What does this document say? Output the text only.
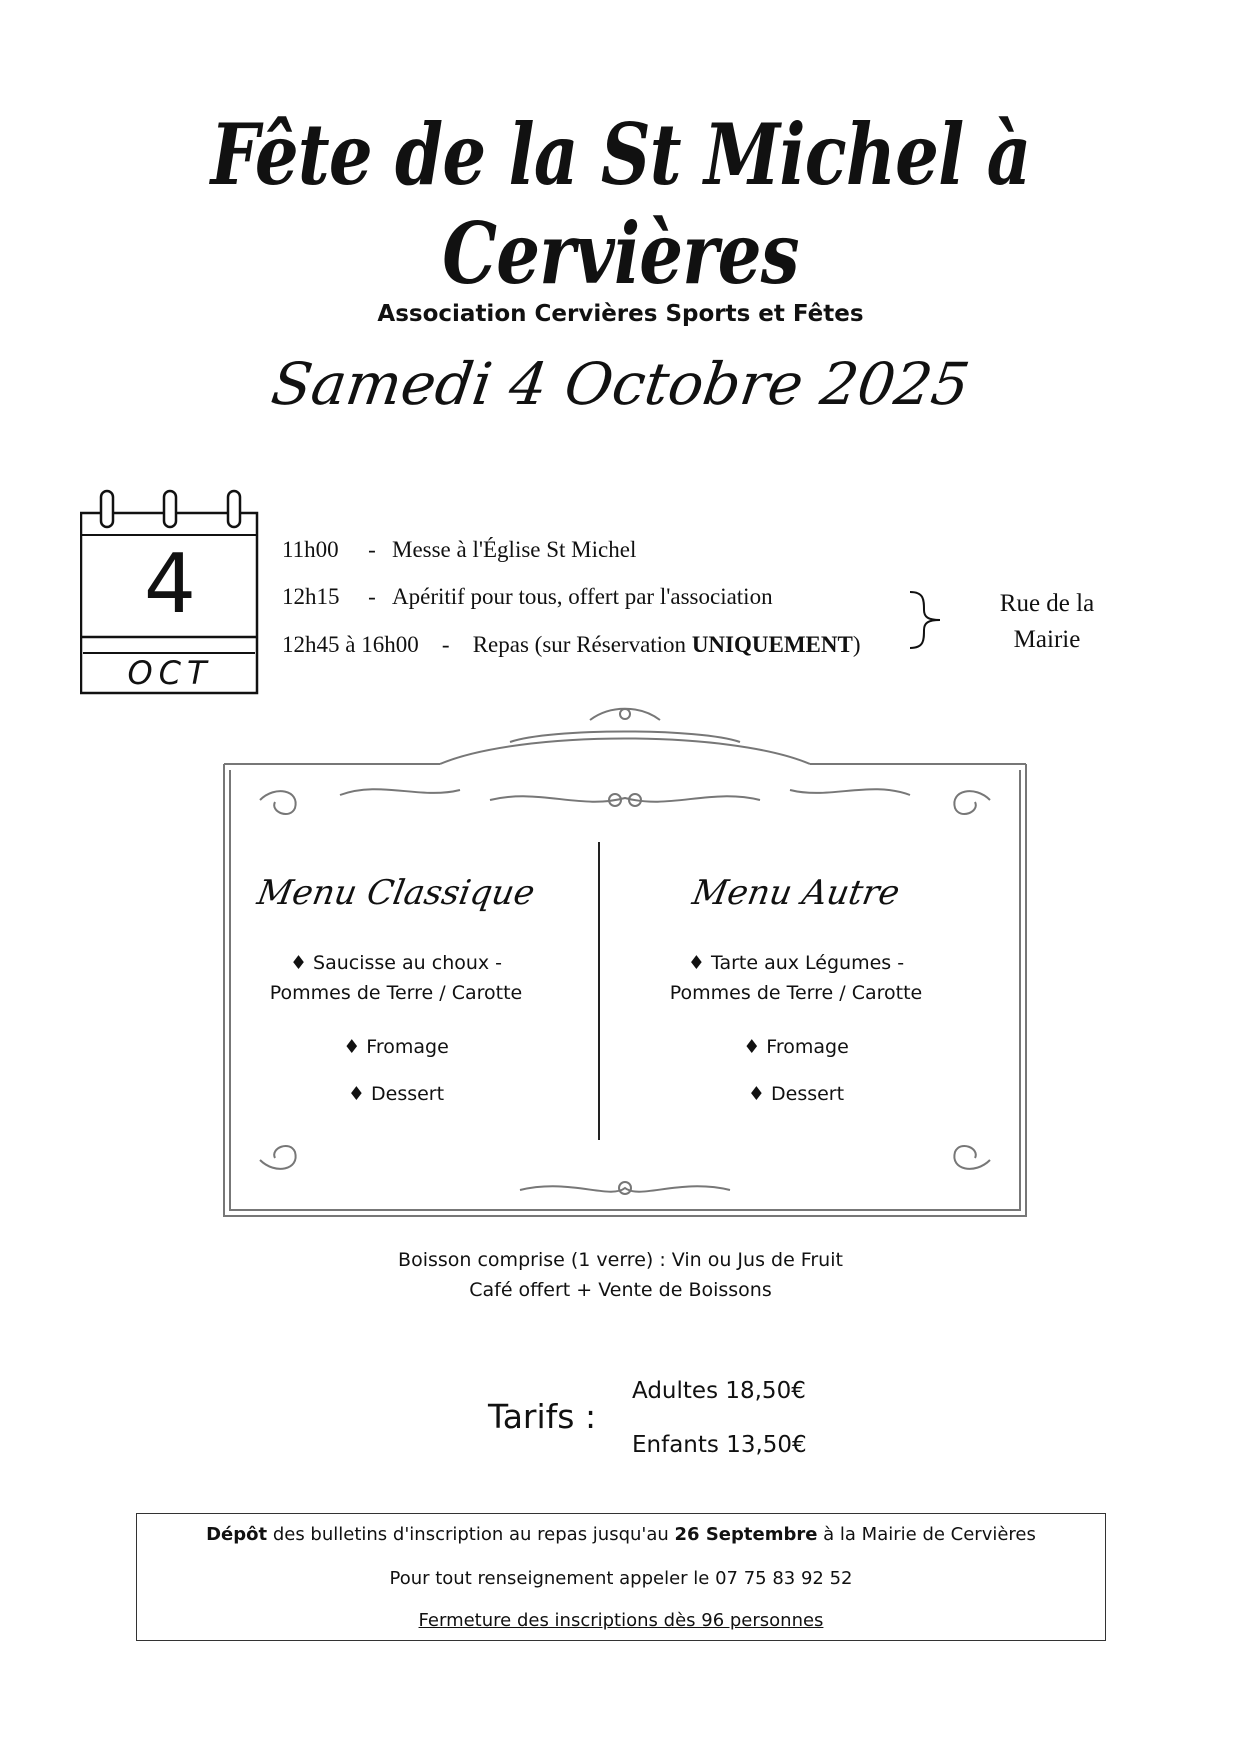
Fête de la St Michel à Cervières
Association Cervières Sports et Fêtes
Samedi 4 Octobre 2025
4
OCT
11h00 - Messe à l'Église St Michel
12h15 - Apéritif pour tous, offert par l'association
12h45 à 16h00 - Repas (sur Réservation UNIQUEMENT)
Rue de la
Mairie
Menu Classique
♦ Saucisse au choux -
Pommes de Terre / Carotte
♦ Fromage
♦ Dessert
Menu Autre
♦ Tarte aux Légumes -
Pommes de Terre / Carotte
♦ Fromage
♦ Dessert
Boisson comprise (1 verre) : Vin ou Jus de Fruit
Café offert + Vente de Boissons
Tarifs :
Adultes 18,50€
Enfants 13,50€
Dépôt des bulletins d'inscription au repas jusqu'au 26 Septembre à la Mairie de Cervières
Pour tout renseignement appeler le 07 75 83 92 52
Fermeture des inscriptions dès 96 personnes
